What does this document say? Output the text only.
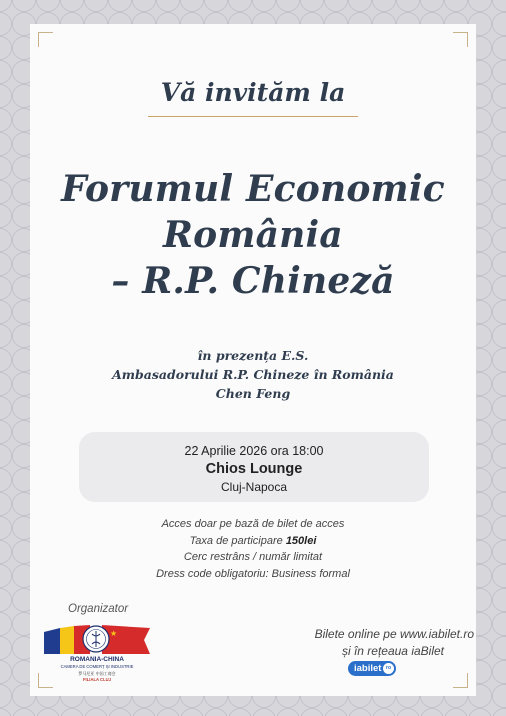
Vă invităm la
Forumul Economic
România
– R.P. Chineză
în prezența E.S.
Ambasadorului R.P. Chineze în România
Chen Feng
22 Aprilie 2026 ora 18:00
Chios Lounge
Cluj-Napoca
Acces doar pe bază de bilet de acces
Taxa de participare 150lei
Cerc restrâns / număr limitat
Dress code obligatoriu: Business formal
Organizator
★
ROMANIA-CHINA
CAMERA DE COMERȚ ȘI INDUSTRIE
罗马尼亚 中国工商会
FILIALA CLUJ
Bilete online pe www.iabilet.ro

și în rețeaua iaBilet
iabilet ro
